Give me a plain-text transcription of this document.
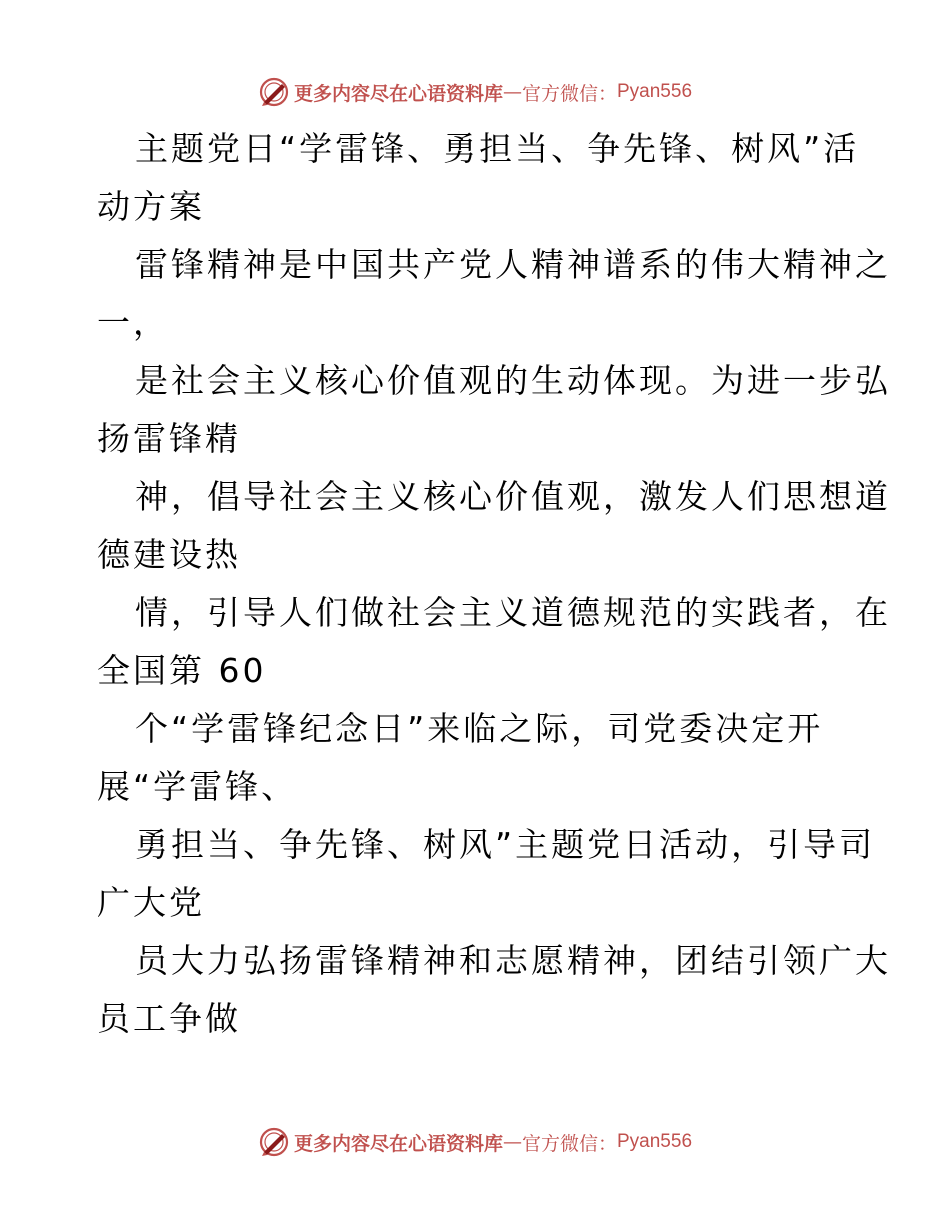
更多内容尽在心语资料库 — 官方微信： Pyan556
主题党日“学雷锋、勇担当、争先锋、树风”活
动方案
雷锋精神是中国共产党人精神谱系的伟大精神之
一，
是社会主义核心价值观的生动体现。为进一步弘
扬雷锋精
神，倡导社会主义核心价值观，激发人们思想道
德建设热
情，引导人们做社会主义道德规范的实践者，在
全国第 60
个“学雷锋纪念日”来临之际，司党委决定开
展“学雷锋、
勇担当、争先锋、树风”主题党日活动，引导司
广大党
员大力弘扬雷锋精神和志愿精神，团结引领广大
员工争做
更多内容尽在心语资料库 — 官方微信： Pyan556
